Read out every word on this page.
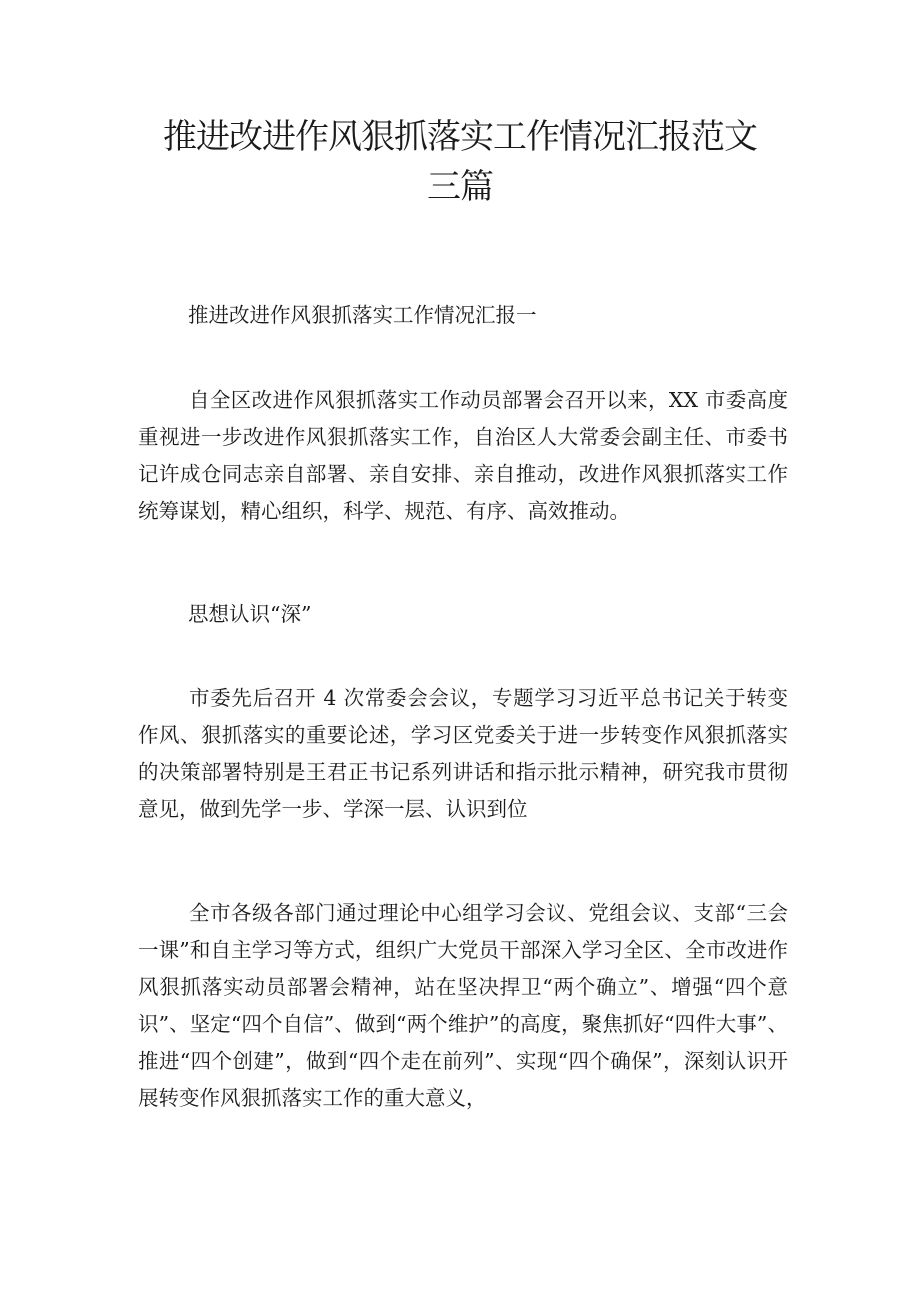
推进改进作风狠抓落实工作情况汇报范文
三篇

推进改进作风狠抓落实工作情况汇报一

自全区改进作风狠抓落实工作动员部署会召开以来，XX 市委高度重视进一步改进作风狠抓落实工作，自治区人大常委会副主任、市委书记许成仓同志亲自部署、亲自安排、亲自推动，改进作风狠抓落实工作统筹谋划，精心组织，科学、规范、有序、高效推动。

思想认识“深”

市委先后召开 4 次常委会会议，专题学习习近平总书记关于转变作风、狠抓落实的重要论述，学习区党委关于进一步转变作风狠抓落实的决策部署特别是王君正书记系列讲话和指示批示精神，研究我市贯彻意见，做到先学一步、学深一层、认识到位

全市各级各部门通过理论中心组学习会议、党组会议、支部“三会一课”和自主学习等方式，组织广大党员干部深入学习全区、全市改进作风狠抓落实动员部署会精神，站在坚决捍卫“两个确立”、增强“四个意识”、坚定“四个自信”、做到“两个维护”的高度，聚焦抓好“四件大事”、推进“四个创建”，做到“四个走在前列”、实现“四个确保”，深刻认识开展转变作风狠抓落实工作的重大意义，
